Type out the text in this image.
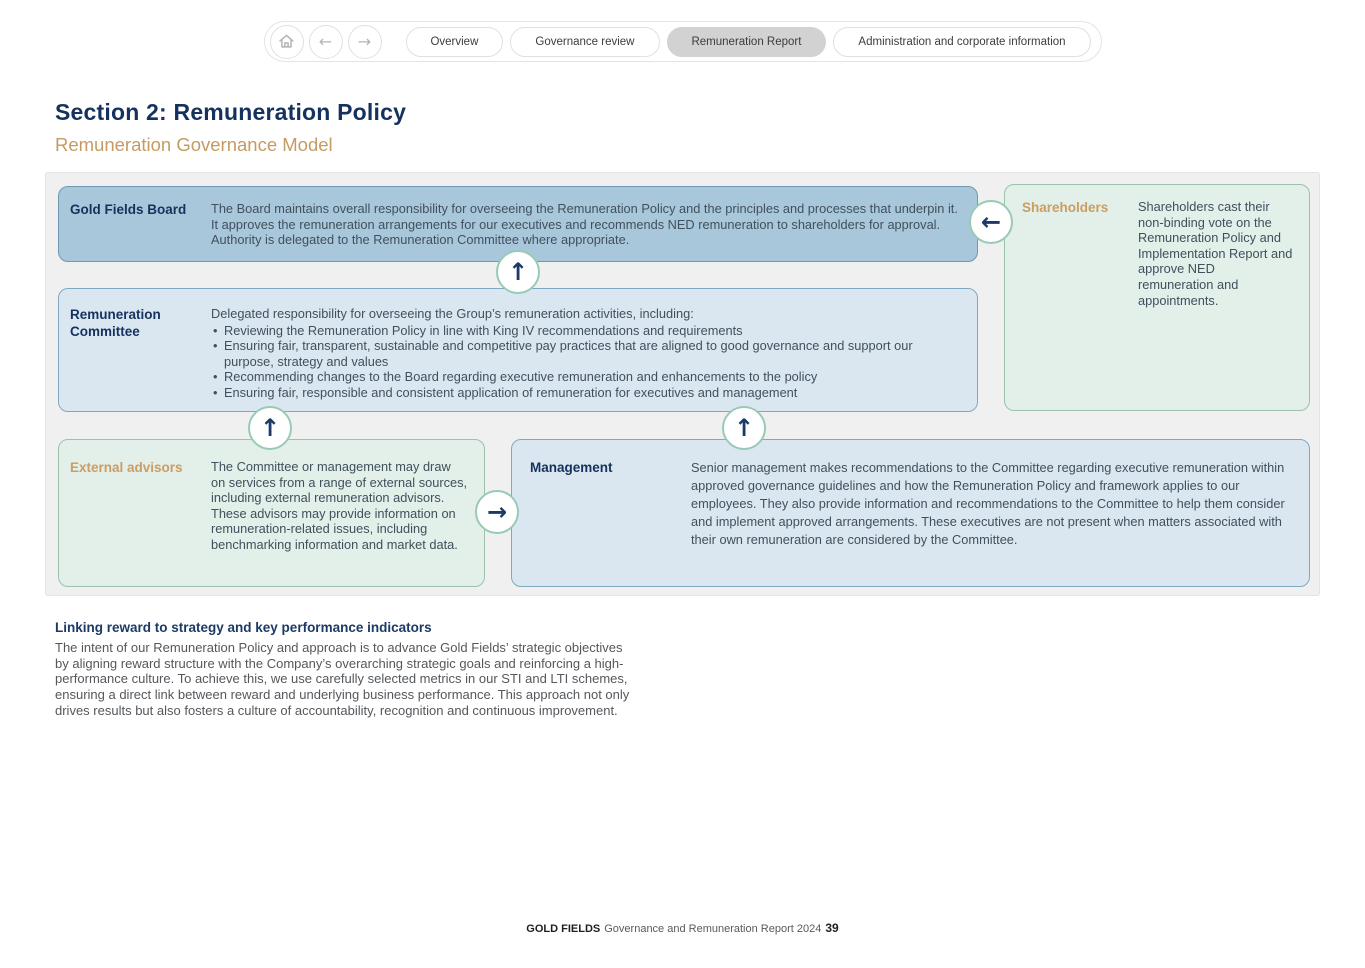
← →	Overview	Governance review	Remuneration Report	Administration and corporate information
Section 2: Remuneration Policy
Remuneration Governance Model
Gold Fields Board	The Board maintains overall responsibility for overseeing the Remuneration Policy and the principles and processes that underpin it. It approves the remuneration arrangements for our executives and recommends NED remuneration to shareholders for approval. Authority is delegated to the Remuneration Committee where appropriate.
Shareholders	Shareholders cast their non-binding vote on the Remuneration Policy and Implementation Report and approve NED remuneration and appointments.
Remuneration Committee
Delegated responsibility for overseeing the Group’s remuneration activities, including:
• Reviewing the Remuneration Policy in line with King IV recommendations and requirements
• Ensuring fair, transparent, sustainable and competitive pay practices that are aligned to good governance and support our purpose, strategy and values
• Recommending changes to the Board regarding executive remuneration and enhancements to the policy
• Ensuring fair, responsible and consistent application of remuneration for executives and management
External advisors	The Committee or management may draw on services from a range of external sources, including external remuneration advisors. These advisors may provide information on remuneration-related issues, including benchmarking information and market data.
Management	Senior management makes recommendations to the Committee regarding executive remuneration within approved governance guidelines and how the Remuneration Policy and framework applies to our employees. They also provide information and recommendations to the Committee to help them consider and implement approved arrangements. These executives are not present when matters associated with their own remuneration are considered by the Committee.
↑
←
↑	↑
→
Linking reward to strategy and key performance indicators

The intent of our Remuneration Policy and approach is to advance Gold Fields’ strategic objectives by aligning reward structure with the Company’s overarching strategic goals and reinforcing a high-performance culture. To achieve this, we use carefully selected metrics in our STI and LTI schemes, ensuring a direct link between reward and underlying business performance. This approach not only drives results but also fosters a culture of accountability, recognition and continuous improvement.

GOLD FIELDS Governance and Remuneration Report 2024 39
